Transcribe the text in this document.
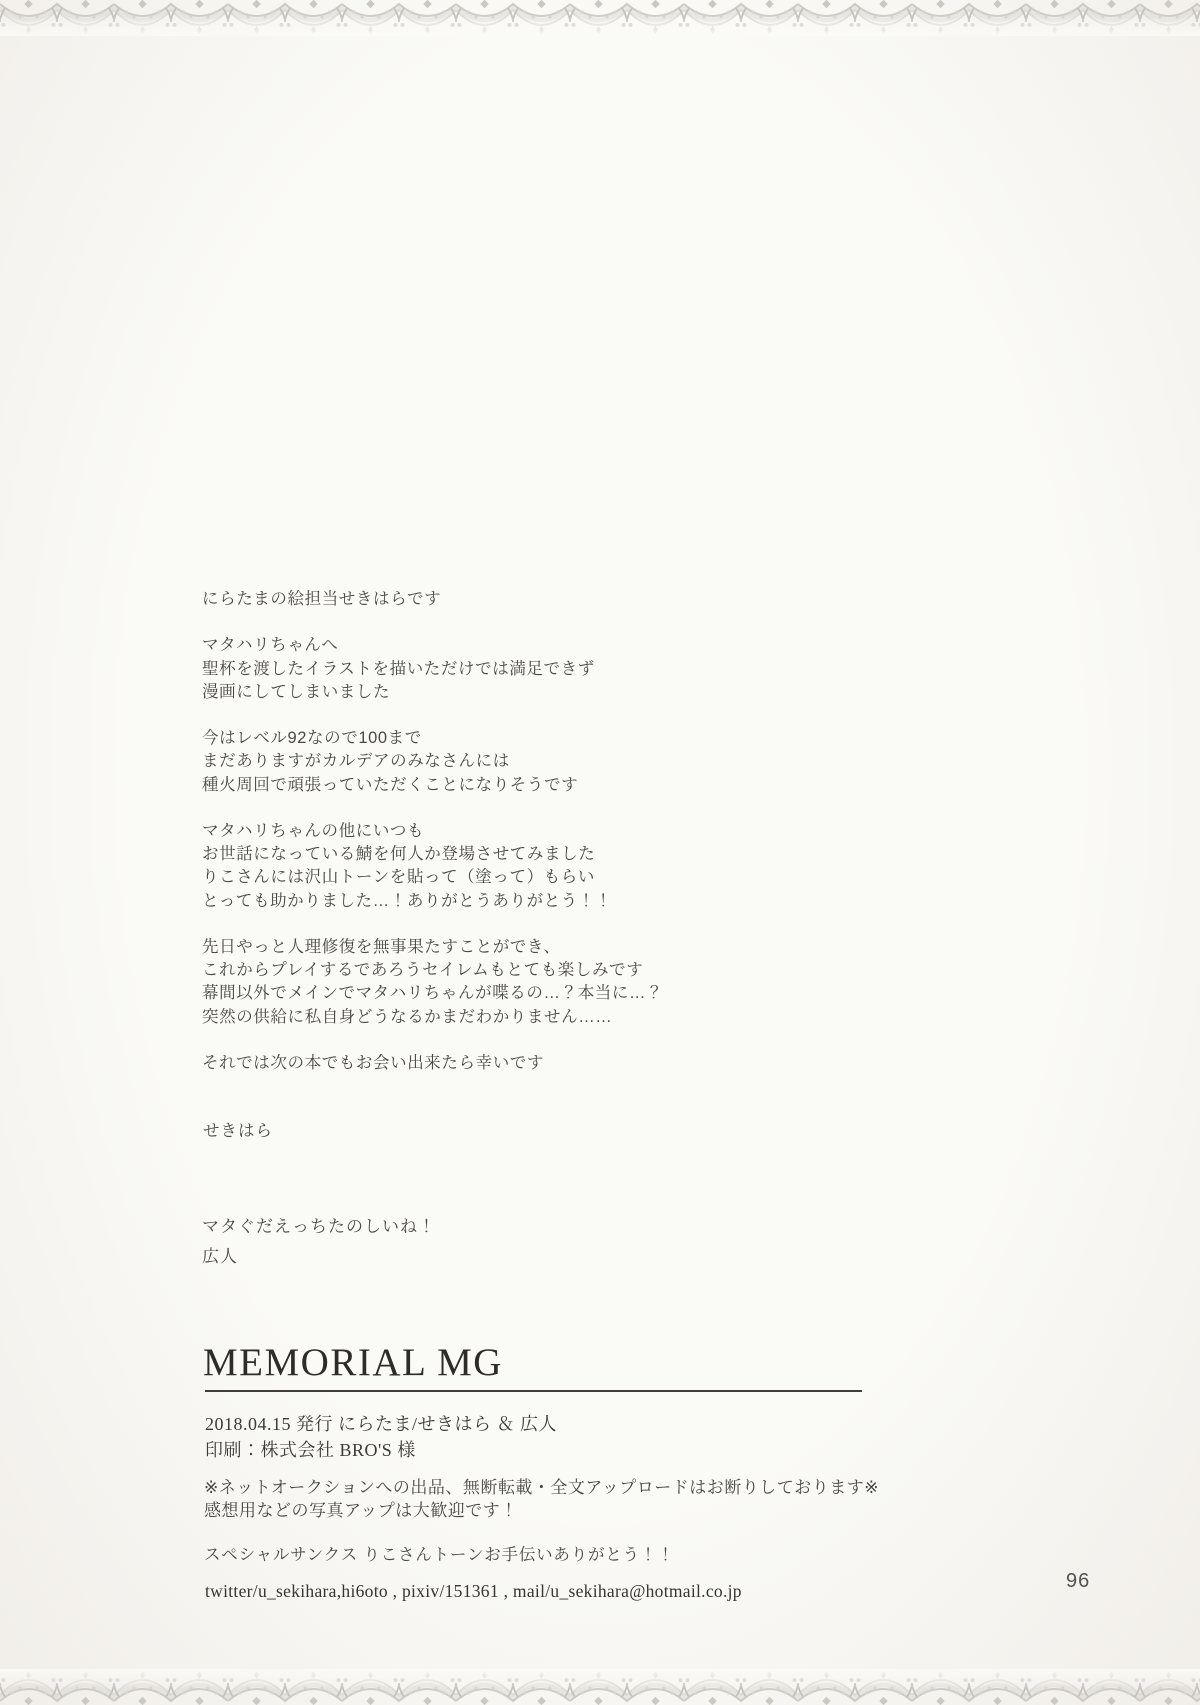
にらたまの絵担当せきはらです

マタハリちゃんへ
聖杯を渡したイラストを描いただけでは満足できず
漫画にしてしまいました

今はレベル92なので100まで
まだありますがカルデアのみなさんには
種火周回で頑張っていただくことになりそうです

マタハリちゃんの他にいつも
お世話になっている鯖を何人か登場させてみました
りこさんには沢山トーンを貼って（塗って）もらい
とっても助かりました…！ありがとうありがとう！！

先日やっと人理修復を無事果たすことができ、
これからプレイするであろうセイレムもとても楽しみです
幕間以外でメインでマタハリちゃんが喋るの…？本当に…？
突然の供給に私自身どうなるかまだわかりません……

それでは次の本でもお会い出来たら幸いです
せきはら
マタぐだえっちたのしいね！
広人
MEMORIAL MG
2018.04.15 発行 にらたま/せきはら ＆ 広人
印刷：株式会社 BRO'S 様
※ネットオークションへの出品、無断転載・全文アップロードはお断りしております※
感想用などの写真アップは大歓迎です！
スペシャルサンクス りこさんトーンお手伝いありがとう！！
twitter/u_sekihara,hi6oto , pixiv/151361 , mail/u_sekihara@hotmail.co.jp	96
